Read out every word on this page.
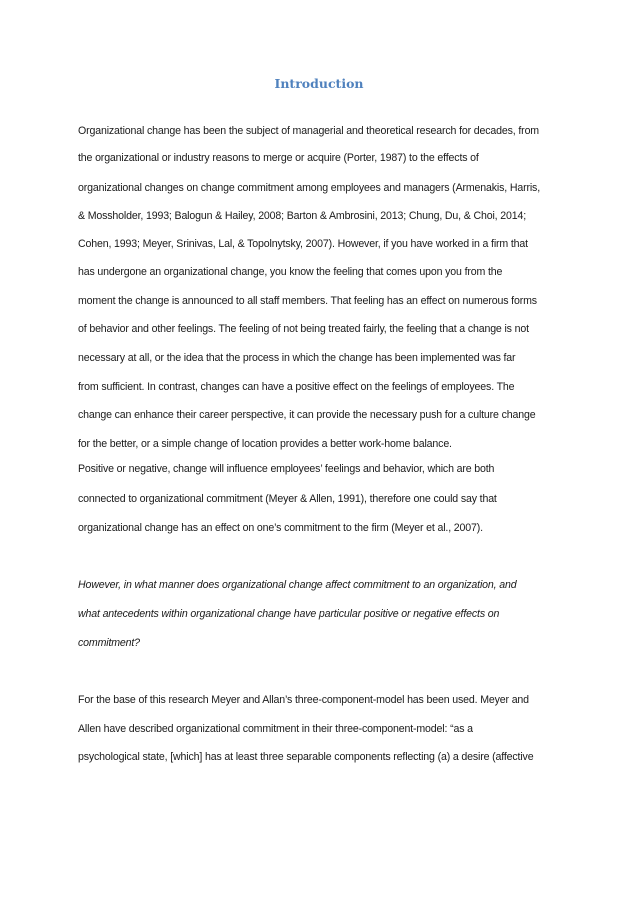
Introduction
Organizational change has been the subject of managerial and theoretical research for decades, from
the organizational or industry reasons to merge or acquire (Porter, 1987) to the effects of
organizational changes on change commitment among employees and managers (Armenakis, Harris,
& Mossholder, 1993; Balogun & Hailey, 2008; Barton & Ambrosini, 2013; Chung, Du, & Choi, 2014;
Cohen, 1993; Meyer, Srinivas, Lal, & Topolnytsky, 2007). However, if you have worked in a firm that
has undergone an organizational change, you know the feeling that comes upon you from the
moment the change is announced to all staff members. That feeling has an effect on numerous forms
of behavior and other feelings. The feeling of not being treated fairly, the feeling that a change is not
necessary at all, or the idea that the process in which the change has been implemented was far
from sufficient. In contrast, changes can have a positive effect on the feelings of employees. The
change can enhance their career perspective, it can provide the necessary push for a culture change
for the better, or a simple change of location provides a better work-home balance.
Positive or negative, change will influence employees’ feelings and behavior, which are both
connected to organizational commitment (Meyer & Allen, 1991), therefore one could say that
organizational change has an effect on one’s commitment to the firm (Meyer et al., 2007).
However, in what manner does organizational change affect commitment to an organization, and
what antecedents within organizational change have particular positive or negative effects on
commitment?
For the base of this research Meyer and Allan’s three-component-model has been used. Meyer and
Allen have described organizational commitment in their three-component-model: “as a
psychological state, [which] has at least three separable components reflecting (a) a desire (affective
